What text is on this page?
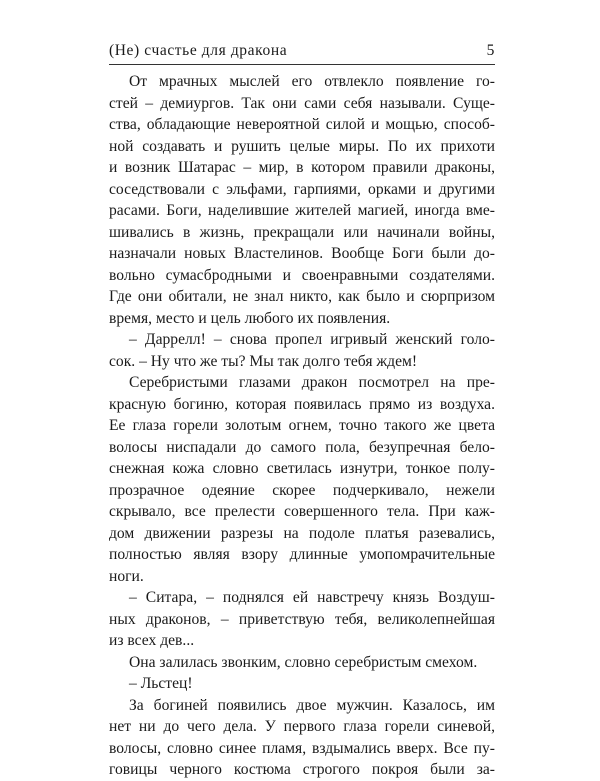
(Не) счастье для дракона	5
От мрачных мыслей его отвлекло появление го-
стей – демиургов. Так они сами себя называли. Суще-
ства, обладающие невероятной силой и мощью, способ-
ной создавать и рушить целые миры. По их прихоти
и возник Шатарас – мир, в котором правили драконы,
соседствовали с эльфами, гарпиями, орками и другими
расами. Боги, наделившие жителей магией, иногда вме-
шивались в жизнь, прекращали или начинали войны,
назначали новых Властелинов. Вообще Боги были до-
вольно сумасбродными и своенравными создателями.
Где они обитали, не знал никто, как было и сюрпризом
время, место и цель любого их появления.
– Даррелл! – снова пропел игривый женский голо-
сок. – Ну что же ты? Мы так долго тебя ждем!
Серебристыми глазами дракон посмотрел на пре-
красную богиню, которая появилась прямо из воздуха.
Ее глаза горели золотым огнем, точно такого же цвета
волосы ниспадали до самого пола, безупречная бело-
снежная кожа словно светилась изнутри, тонкое полу-
прозрачное одеяние скорее подчеркивало, нежели
скрывало, все прелести совершенного тела. При каж-
дом движении разрезы на подоле платья разевались,
полностью являя взору длинные умопомрачительные
ноги.
– Ситара, – поднялся ей навстречу князь Воздуш-
ных драконов, – приветствую тебя, великолепнейшая
из всех дев...
Она залилась звонким, словно серебристым смехом.
– Льстец!
За богиней появились двое мужчин. Казалось, им
нет ни до чего дела. У первого глаза горели синевой,
волосы, словно синее пламя, вздымались вверх. Все пу-
говицы черного костюма строгого покроя были за-
